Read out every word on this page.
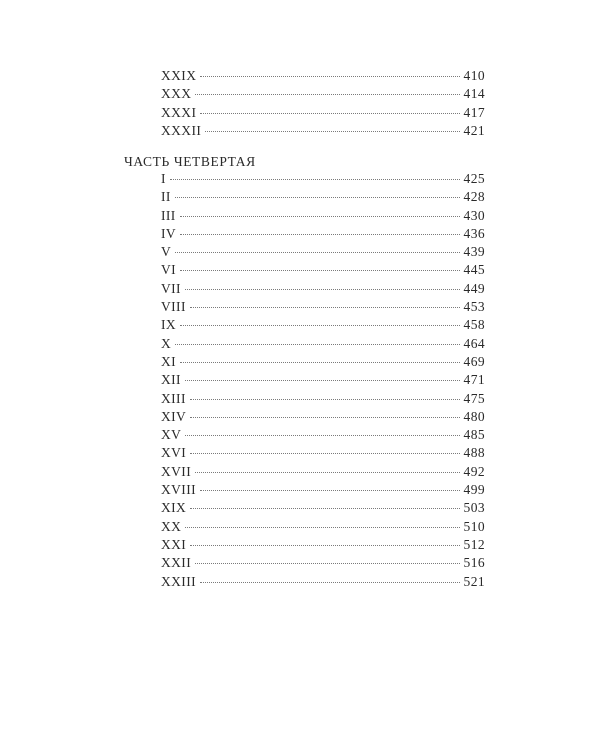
XXIX	410
XXX	414
XXXI	417
XXXII	421
ЧАСТЬ ЧЕТВЕРТАЯ
I	425
II	428
III	430
IV	436
V	439
VI	445
VII	449
VIII	453
IX	458
X	464
XI	469
XII	471
XIII	475
XIV	480
XV	485
XVI	488
XVII	492
XVIII	499
XIX	503
XX	510
XXI	512
XXII	516
XXIII	521
